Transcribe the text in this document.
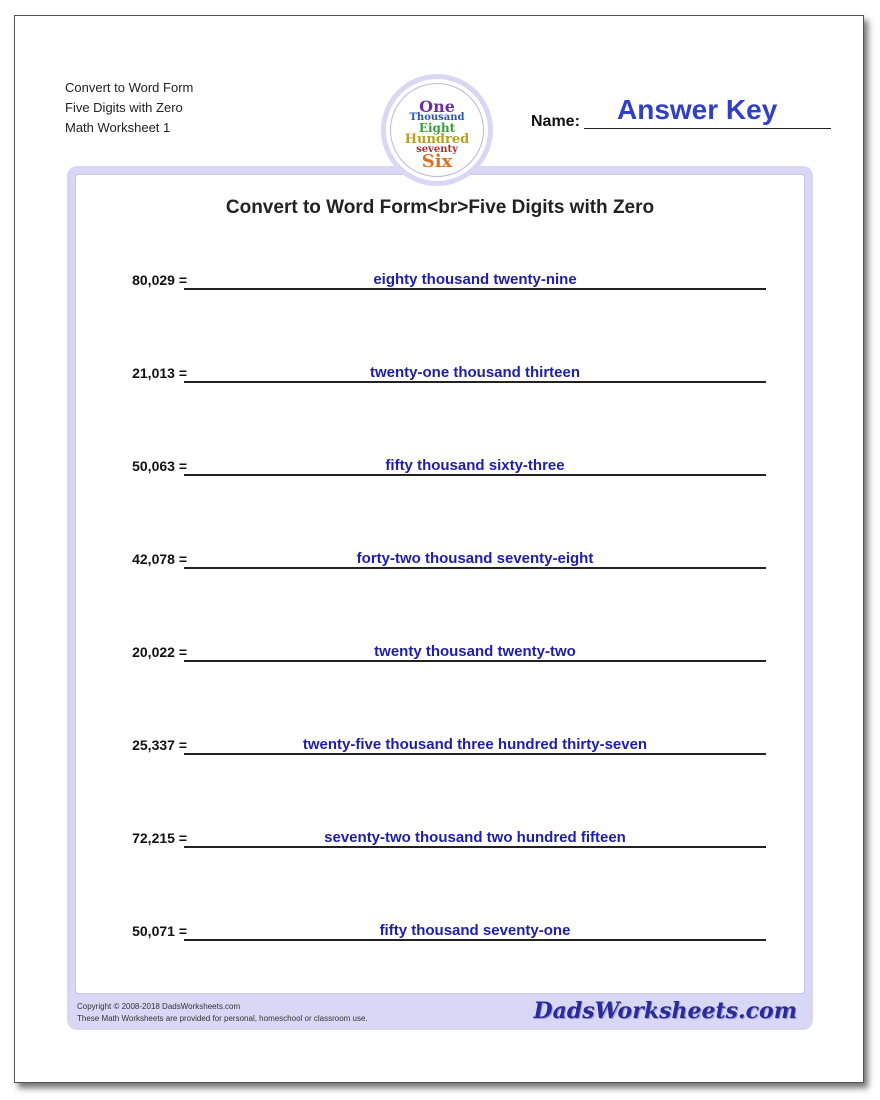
Convert to Word Form
Five Digits with Zero
Math Worksheet 1	Name: Answer Key
Convert to Word Form<br>Five Digits with Zero
80,029 =	eighty thousand twenty-nine
21,013 =	twenty-one thousand thirteen
50,063 =	fifty thousand sixty-three
42,078 =	forty-two thousand seventy-eight
20,022 =	twenty thousand twenty-two
25,337 =	twenty-five thousand three hundred thirty-seven
72,215 =	seventy-two thousand two hundred fifteen
50,071 =	fifty thousand seventy-one
Copyright © 2008-2018 DadsWorksheets.com
These Math Worksheets are provided for personal, homeschool or classroom use.	DadsWorksheets.com
One
Thousand
Eight
Hundred
seventy
Six
